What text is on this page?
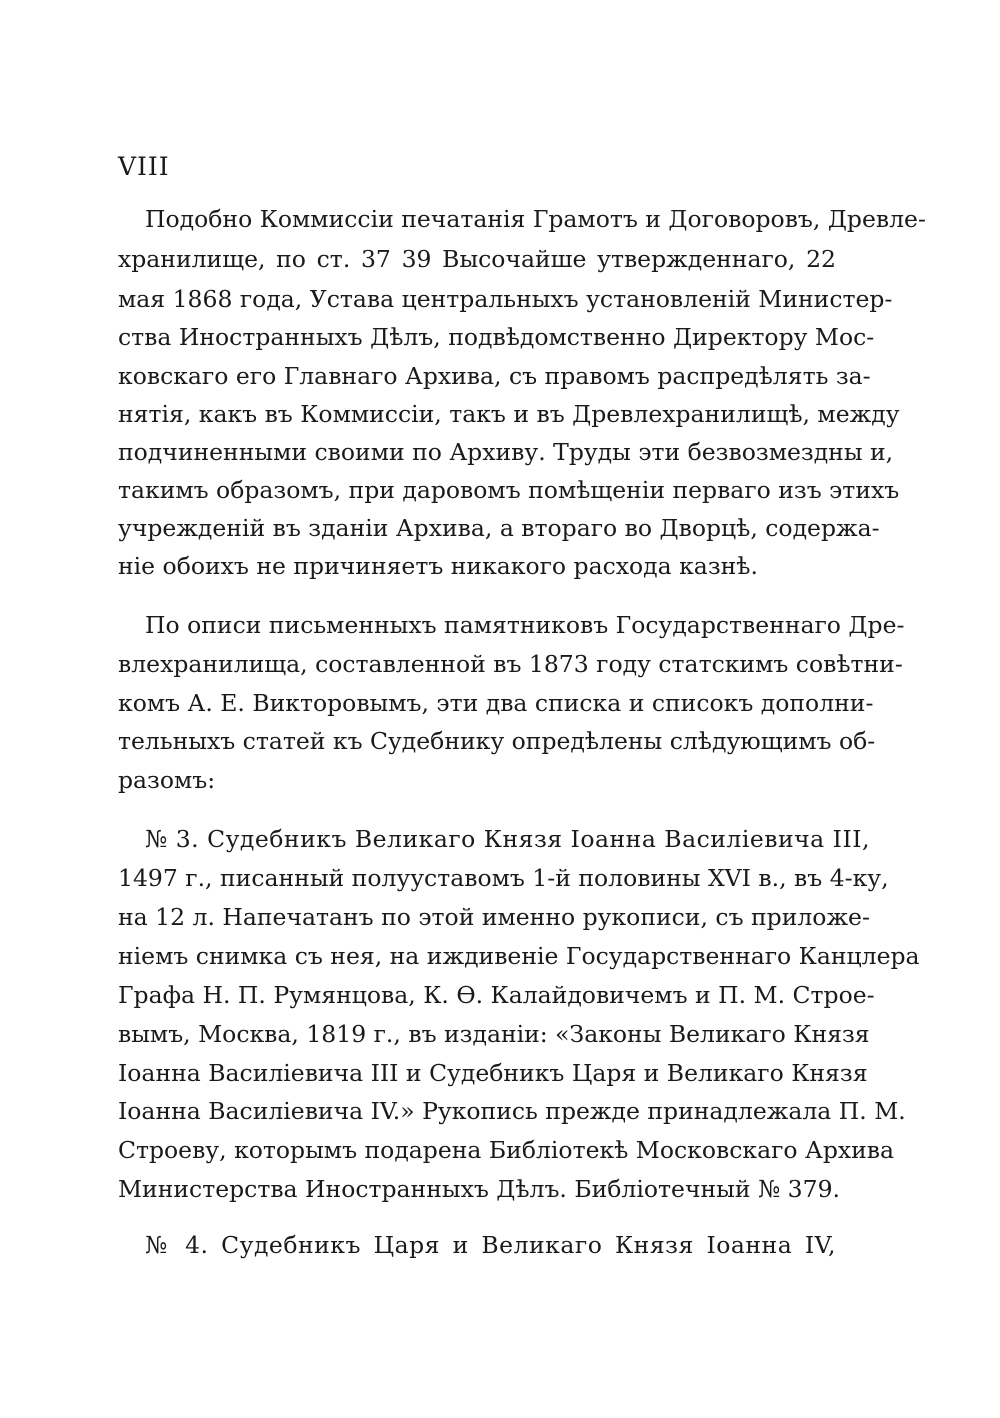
VIII

Подобно Коммиссіи печатанія Грамотъ и Договоровъ, Древле-

хранилище, по ст. 37 39 Высочайше утвержденнаго, 22

мая 1868 года, Устава центральныхъ установленій Министер-

ства Иностранныхъ Дѣлъ, подвѣдомственно Директору Мос-

ковскаго его Главнаго Архива, съ правомъ распредѣлять за-

нятія, какъ въ Коммиссіи, такъ и въ Древлехранилищѣ, между

подчиненными своими по Архиву. Труды эти безвозмездны и,

такимъ образомъ, при даровомъ помѣщеніи перваго изъ этихъ

учрежденій въ зданіи Архива, а втораго во Дворцѣ, содержа-

ніе обоихъ не причиняетъ никакого расхода казнѣ.

По описи письменныхъ памятниковъ Государственнаго Дре-

влехранилища, составленной въ 1873 году статскимъ совѣтни-

комъ А. Е. Викторовымъ, эти два списка и списокъ дополни-

тельныхъ статей къ Судебнику опредѣлены слѣдующимъ об-

разомъ:

№ 3. Судебникъ Великаго Князя Іоанна Василіевича III,

1497 г., писанный полууставомъ 1-й половины XVI в., въ 4-ку,

на 12 л. Напечатанъ по этой именно рукописи, съ приложе-

ніемъ снимка съ нея, на иждивеніе Государственнаго Канцлера

Графа Н. П. Румянцова, К. Ѳ. Калайдовичемъ и П. М. Строе-

вымъ, Москва, 1819 г., въ изданіи: «Законы Великаго Князя

Іоанна Василіевича III и Судебникъ Царя и Великаго Князя

Іоанна Василіевича IV.» Рукопись прежде принадлежала П. М.

Строеву, которымъ подарена Библіотекѣ Московскаго Архива

Министерства Иностранныхъ Дѣлъ. Библіотечный № 379.

№ 4. Судебникъ Царя и Великаго Князя Іоанна IV,
